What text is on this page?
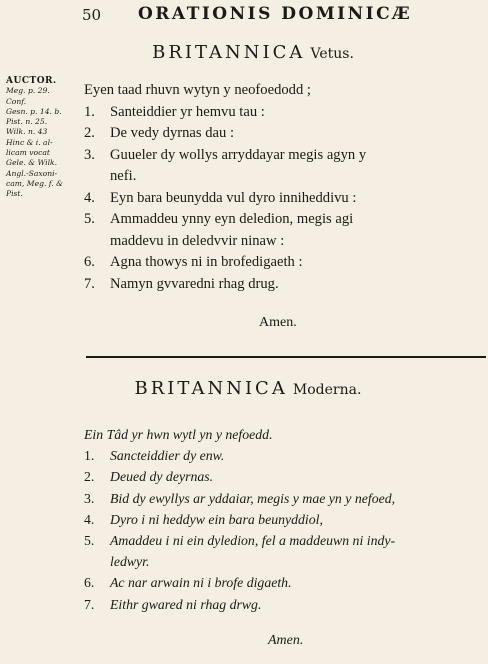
50 ORATIONIS DOMINICÆ
BRITANNICA Vetus.
AUCTOR.
Meg. p. 29.
Conf.
Gesn. p. 14. b.
Pist. n. 25.
Wilk. n. 43
Hinc & i. al-
licam vocat
Gele. & Wilk.
Angl.-Saxoni-
cam, Meg. f. &
Pist.
Eyen taad rhuvn wytyn y neofoedodd ;
1. Santeiddier yr hemvu tau :
2. De vedy dyrnas dau :
3. Guueler dy wollys arryddayar megis agyn y
nefi.
4. Eyn bara beunydda vul dyro inniheddivu :
5. Ammaddeu ynny eyn deledion, megis agi
maddevu in deledvvir ninaw :
6. Agna thowys ni in brofedigaeth :
7. Namyn gvvaredni rhag drug.
Amen.
BRITANNICA Moderna.
Ein Tâd yr hwn wytl yn y nefoedd.
1. Sancteiddier dy enw.
2. Deued dy deyrnas.
3. Bid dy ewyllys ar yddaiar, megis y mae yn y nefoed,
4. Dyro i ni heddyw ein bara beunyddiol,
5. Amaddeu i ni ein dyledion, fel a maddeuwn ni indy-
ledwyr.
6. Ac nar arwain ni i brofe digaeth.
7. Eithr gwared ni rhag drwg.
Amen.
